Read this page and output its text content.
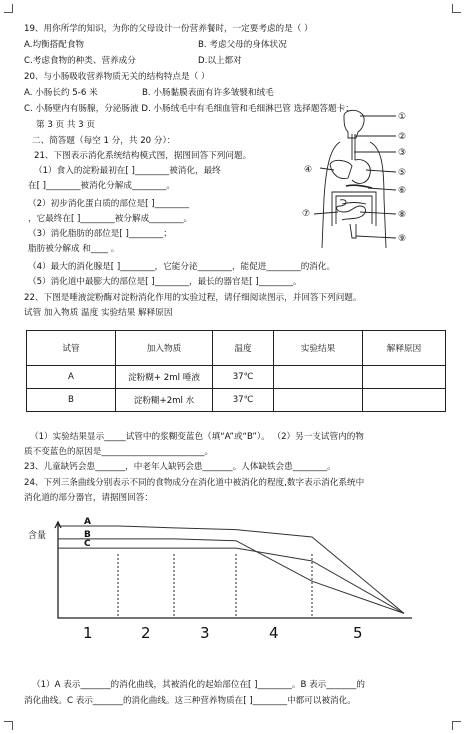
19、用你所学的知识，为你的父母设计一份营养餐时，一定要考虑的是（ ）
A.均衡搭配食物	B. 考虑父母的身体状况
C.考虑食物的种类、营养成分	D.以上都对
20、与小肠吸收营养物质无关的结构特点是（ ）
A. 小肠长约 5-6 米	B. 小肠黏膜表面有许多皱襞和绒毛
C. 小肠壁内有肠腺，分泌肠液 D. 小肠绒毛中有毛细血管和毛细淋巴管 选择题答题卡：
第 3 页 共 3 页
二、简答题（每空 1 分，共 20 分）：
21、下图表示消化系统结构模式图，据图回答下列问题。
（1）食入的淀粉最初在[ ]________被消化，最终
在[ ]________被消化分解成________。
（2）初步消化蛋白质的部位是[ ]________
，它最终在[ ]________被分解成________。
（3）消化脂肪的部位是[ ]________；
脂肪被分解成 和____ 。
（4）最大的消化腺是[ ]________，它能分泌________，能促进________的消化。
（5）消化道中最膨大的部位是[ ]________，最长的器官是[ ]________。
①
②
③
④	⑤
⑥
⑦	⑧
⑨
22、下图是唾液淀粉酶对淀粉消化作用的实验过程，请仔细阅读图示，并回答下列问题。
试管 加入物质 温度 实验结果 解释原因
试管	加入物质	温度	实验结果	解释原因
A	淀粉糊+ 2ml 唾液	37℃		
B	淀粉糊+2ml 水	37℃		
（1）实验结果显示_____试管中的浆糊变蓝色（填“A”或“B”）。 （2）另一支试管内的物
质不变蓝色的原因是________________________。
23、儿童缺钙会患_______，中老年人缺钙会患_______。人体缺铁会患________。
24、下列三条曲线分别表示不同的食物成分在消化道中被消化的程度,数字表示消化系统中
消化道的部分器官，请据图回答：
含量
1	2	3	4	5
A
B
C
（1）A 表示_______的消化曲线，其被消化的起始部位在[ ]________。B 表示_______的
消化曲线。C 表示_______的消化曲线。这三种营养物质在[ ]________中都可以被消化。
